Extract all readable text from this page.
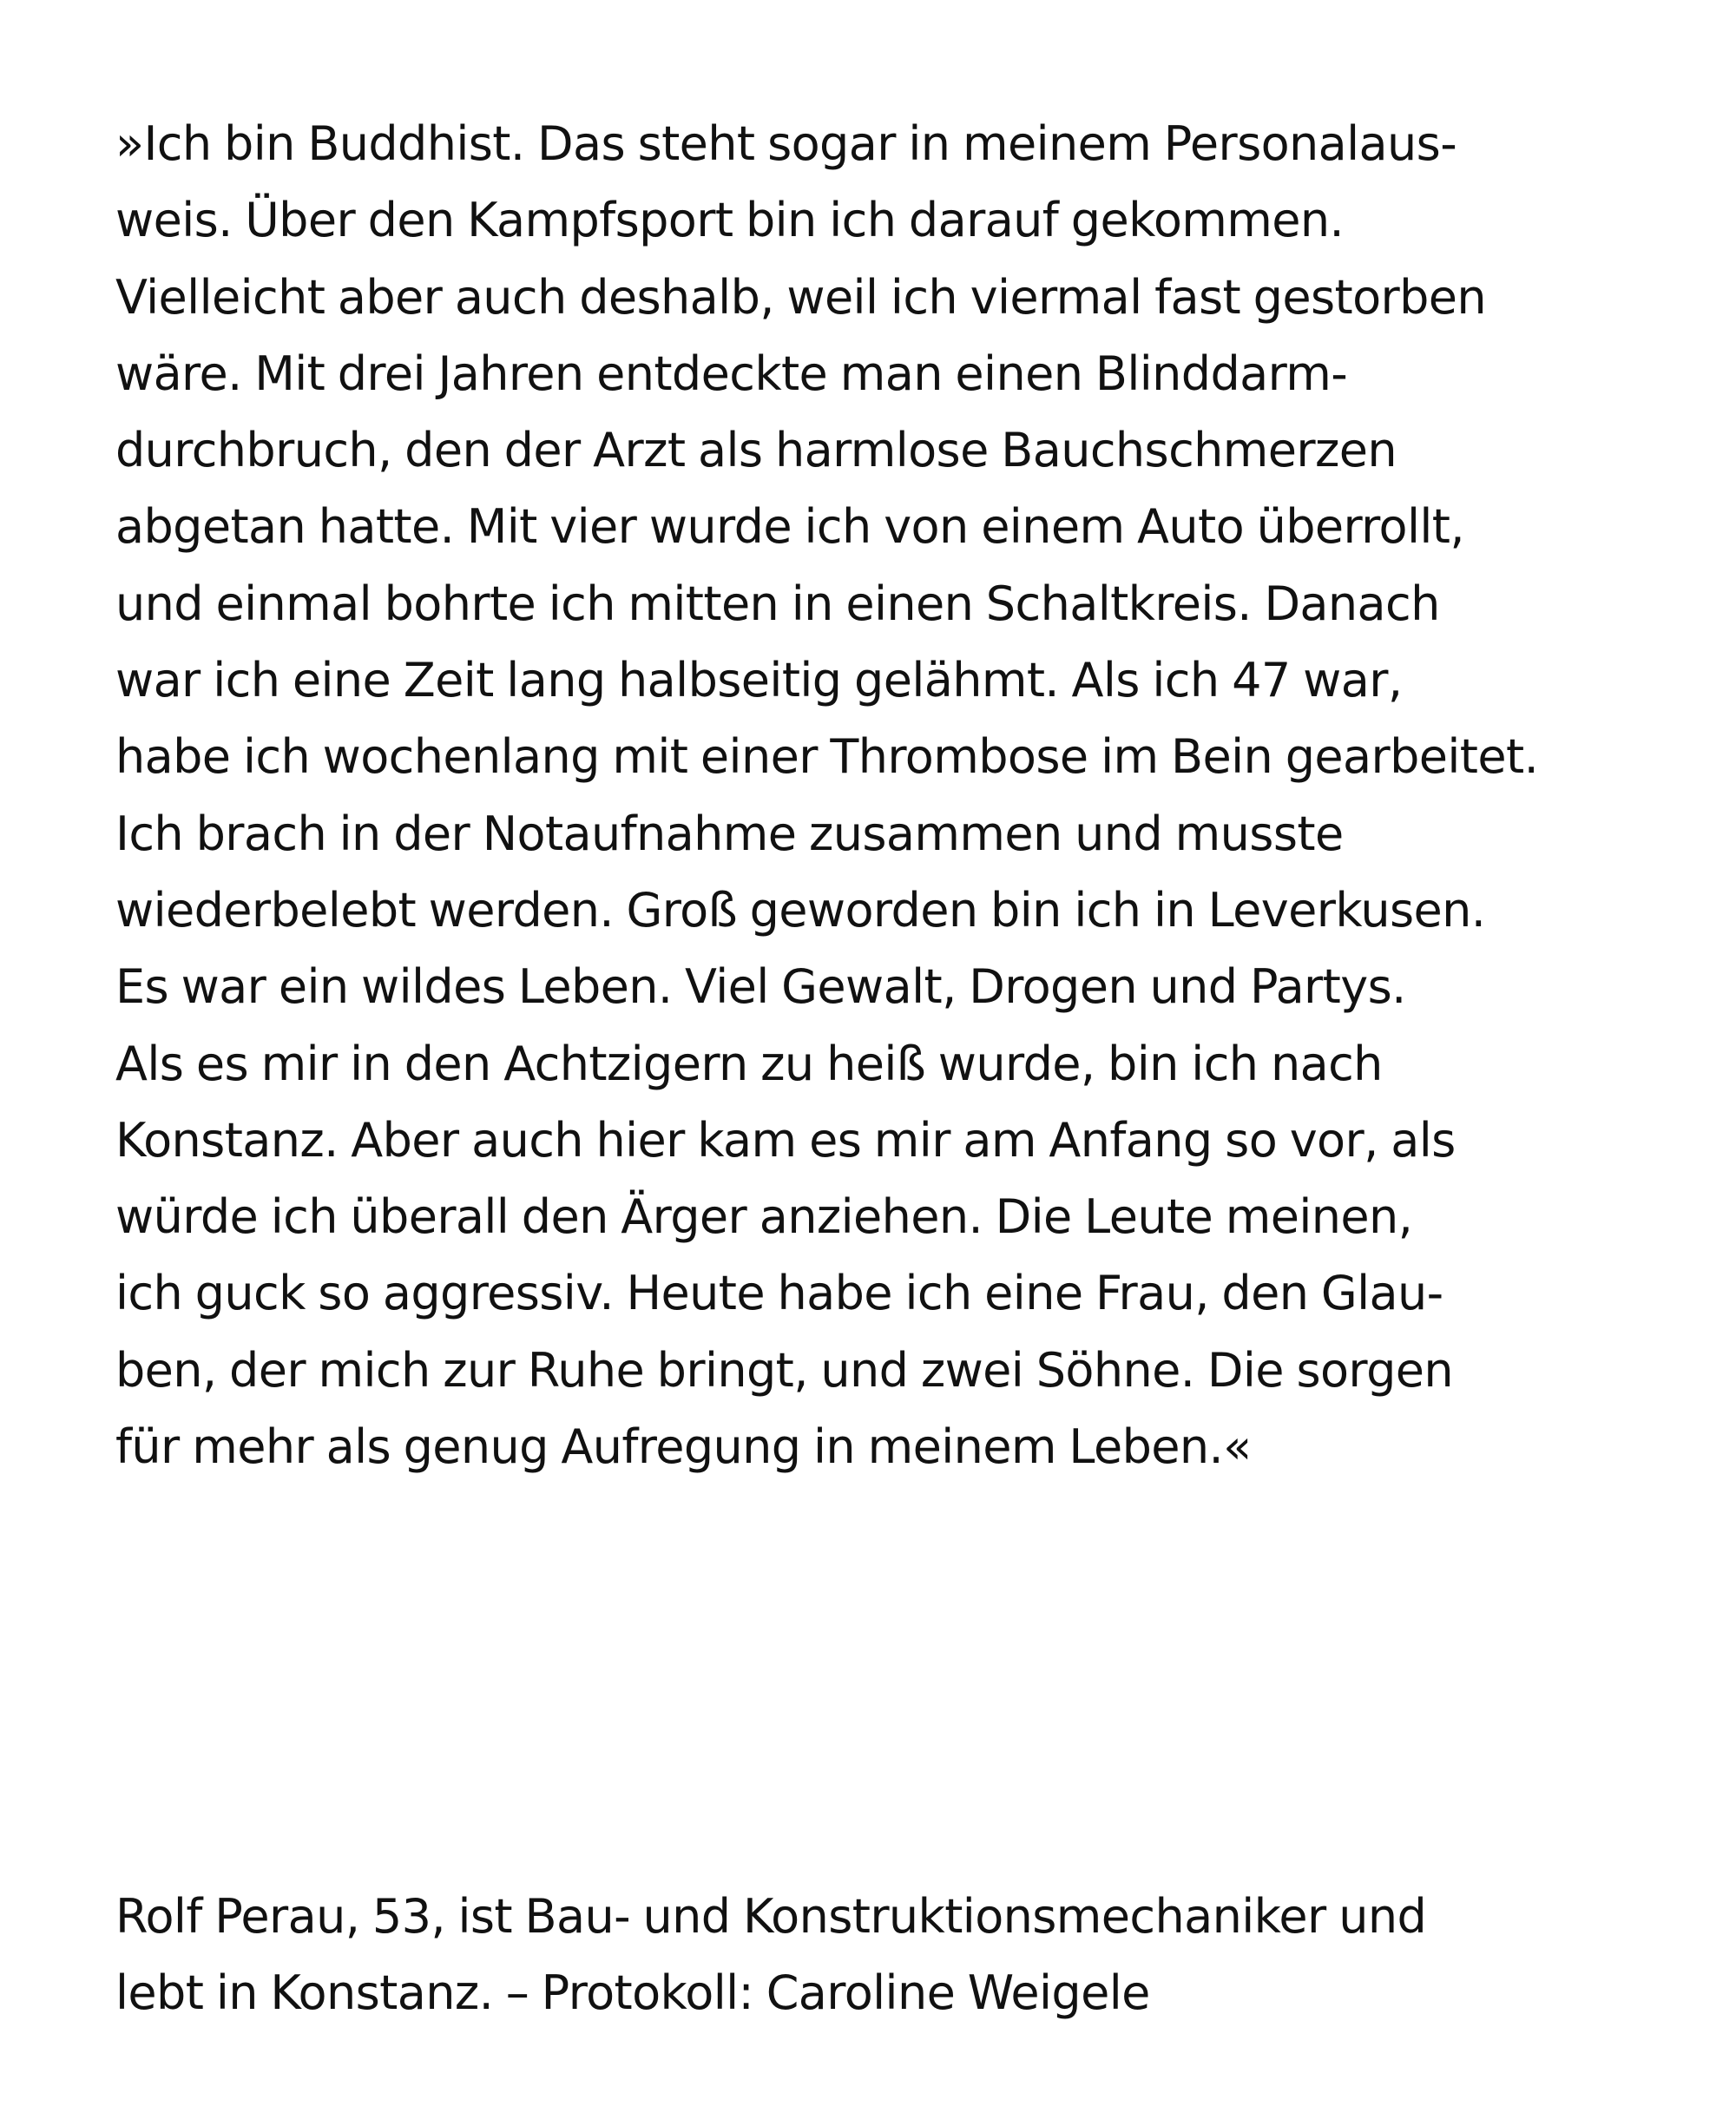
»Ich bin Buddhist. Das steht sogar in meinem Personalaus-
weis. Über den Kampfsport bin ich darauf gekommen.
Vielleicht aber auch deshalb, weil ich viermal fast gestorben
wäre. Mit drei Jahren entdeckte man einen Blinddarm-
durchbruch, den der Arzt als harmlose Bauchschmerzen
abgetan hatte. Mit vier wurde ich von einem Auto überrollt,
und einmal bohrte ich mitten in einen Schaltkreis. Danach
war ich eine Zeit lang halbseitig gelähmt. Als ich 47 war,
habe ich wochenlang mit einer Thrombose im Bein gearbeitet.
Ich brach in der Notaufnahme zusammen und musste
wiederbelebt werden. Groß geworden bin ich in Leverkusen.
Es war ein wildes Leben. Viel Gewalt, Drogen und Partys.
Als es mir in den Achtzigern zu heiß wurde, bin ich nach
Konstanz. Aber auch hier kam es mir am Anfang so vor, als
würde ich überall den Ärger anziehen. Die Leute meinen,
ich guck so aggressiv. Heute habe ich eine Frau, den Glau-
ben, der mich zur Ruhe bringt, und zwei Söhne. Die sorgen
für mehr als genug Aufregung in meinem Leben.«
Rolf Perau, 53, ist Bau- und Konstruktionsmechaniker und
lebt in Konstanz. – Protokoll: Caroline Weigele
